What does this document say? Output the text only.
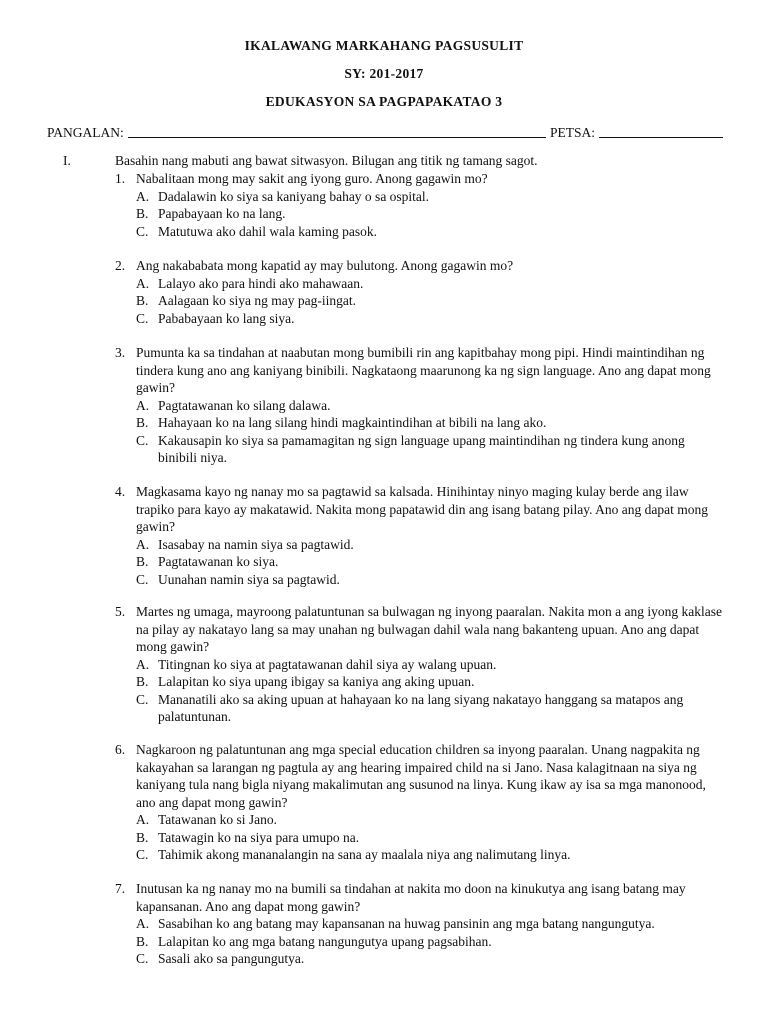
IKALAWANG MARKAHANG PAGSUSULIT
SY: 201-2017
EDUKASYON SA PAGPAPAKATAO 3
PANGALAN:	PETSA:
I.	Basahin nang mabuti ang bawat sitwasyon. Bilugan ang titik ng tamang sagot.
1. Nabalitaan mong may sakit ang iyong guro. Anong gagawin mo?
A. Dadalawin ko siya sa kaniyang bahay o sa ospital.
B. Papabayaan ko na lang.
C. Matutuwa ako dahil wala kaming pasok.
2. Ang nakababata mong kapatid ay may bulutong. Anong gagawin mo?
A. Lalayo ako para hindi ako mahawaan.
B. Aalagaan ko siya ng may pag-iingat.
C. Pababayaan ko lang siya.
3. Pumunta ka sa tindahan at naabutan mong bumibili rin ang kapitbahay mong pipi. Hindi maintindihan ng tindera kung ano ang kaniyang binibili. Nagkataong maarunong ka ng sign language. Ano ang dapat mong gawin?
A. Pagtatawanan ko silang dalawa.
B. Hahayaan ko na lang silang hindi magkaintindihan at bibili na lang ako.
C. Kakausapin ko siya sa pamamagitan ng sign language upang maintindihan ng tindera kung anong binibili niya.
4. Magkasama kayo ng nanay mo sa pagtawid sa kalsada. Hinihintay ninyo maging kulay berde ang ilaw trapiko para kayo ay makatawid. Nakita mong papatawid din ang isang batang pilay. Ano ang dapat mong gawin?
A. Isasabay na namin siya sa pagtawid.
B. Pagtatawanan ko siya.
C. Uunahan namin siya sa pagtawid.
5. Martes ng umaga, mayroong palatuntunan sa bulwagan ng inyong paaralan. Nakita mon a ang iyong kaklase na pilay ay nakatayo lang sa may unahan ng bulwagan dahil wala nang bakanteng upuan. Ano ang dapat mong gawin?
A. Titingnan ko siya at pagtatawanan dahil siya ay walang upuan.
B. Lalapitan ko siya upang ibigay sa kaniya ang aking upuan.
C. Mananatili ako sa aking upuan at hahayaan ko na lang siyang nakatayo hanggang sa matapos ang palatuntunan.
6. Nagkaroon ng palatuntunan ang mga special education children sa inyong paaralan. Unang nagpakita ng kakayahan sa larangan ng pagtula ay ang hearing impaired child na si Jano. Nasa kalagitnaan na siya ng kaniyang tula nang bigla niyang makalimutan ang susunod na linya. Kung ikaw ay isa sa mga manonood, ano ang dapat mong gawin?
A. Tatawanan ko si Jano.
B. Tatawagin ko na siya para umupo na.
C. Tahimik akong mananalangin na sana ay maalala niya ang nalimutang linya.
7. Inutusan ka ng nanay mo na bumili sa tindahan at nakita mo doon na kinukutya ang isang batang may kapansanan. Ano ang dapat mong gawin?
A. Sasabihan ko ang batang may kapansanan na huwag pansinin ang mga batang nangungutya.
B. Lalapitan ko ang mga batang nangungutya upang pagsabihan.
C. Sasali ako sa pangungutya.
